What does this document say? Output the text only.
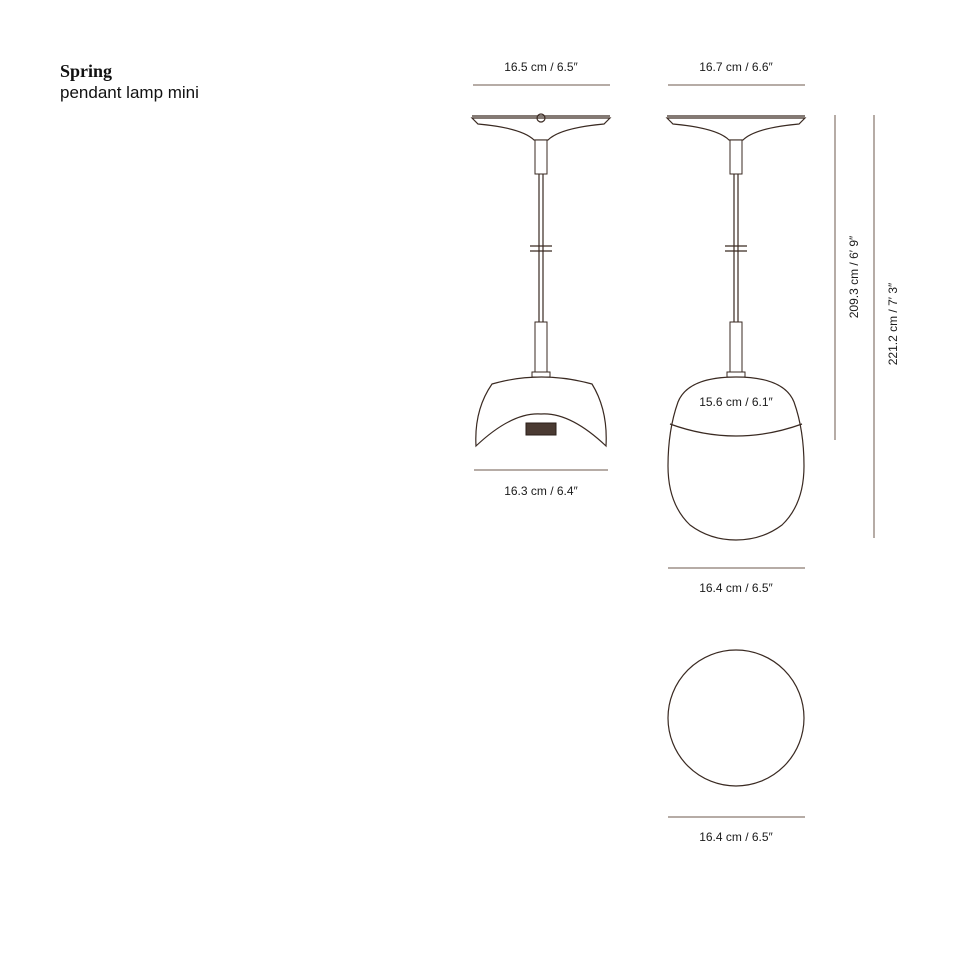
Spring
pendant lamp mini
16.5 cm / 6.5″
16.3 cm / 6.4″
16.7 cm / 6.6″
15.6 cm / 6.1″
16.4 cm / 6.5″
209.3 cm / 6′ 9″
221.2 cm / 7′ 3″
16.4 cm / 6.5″
